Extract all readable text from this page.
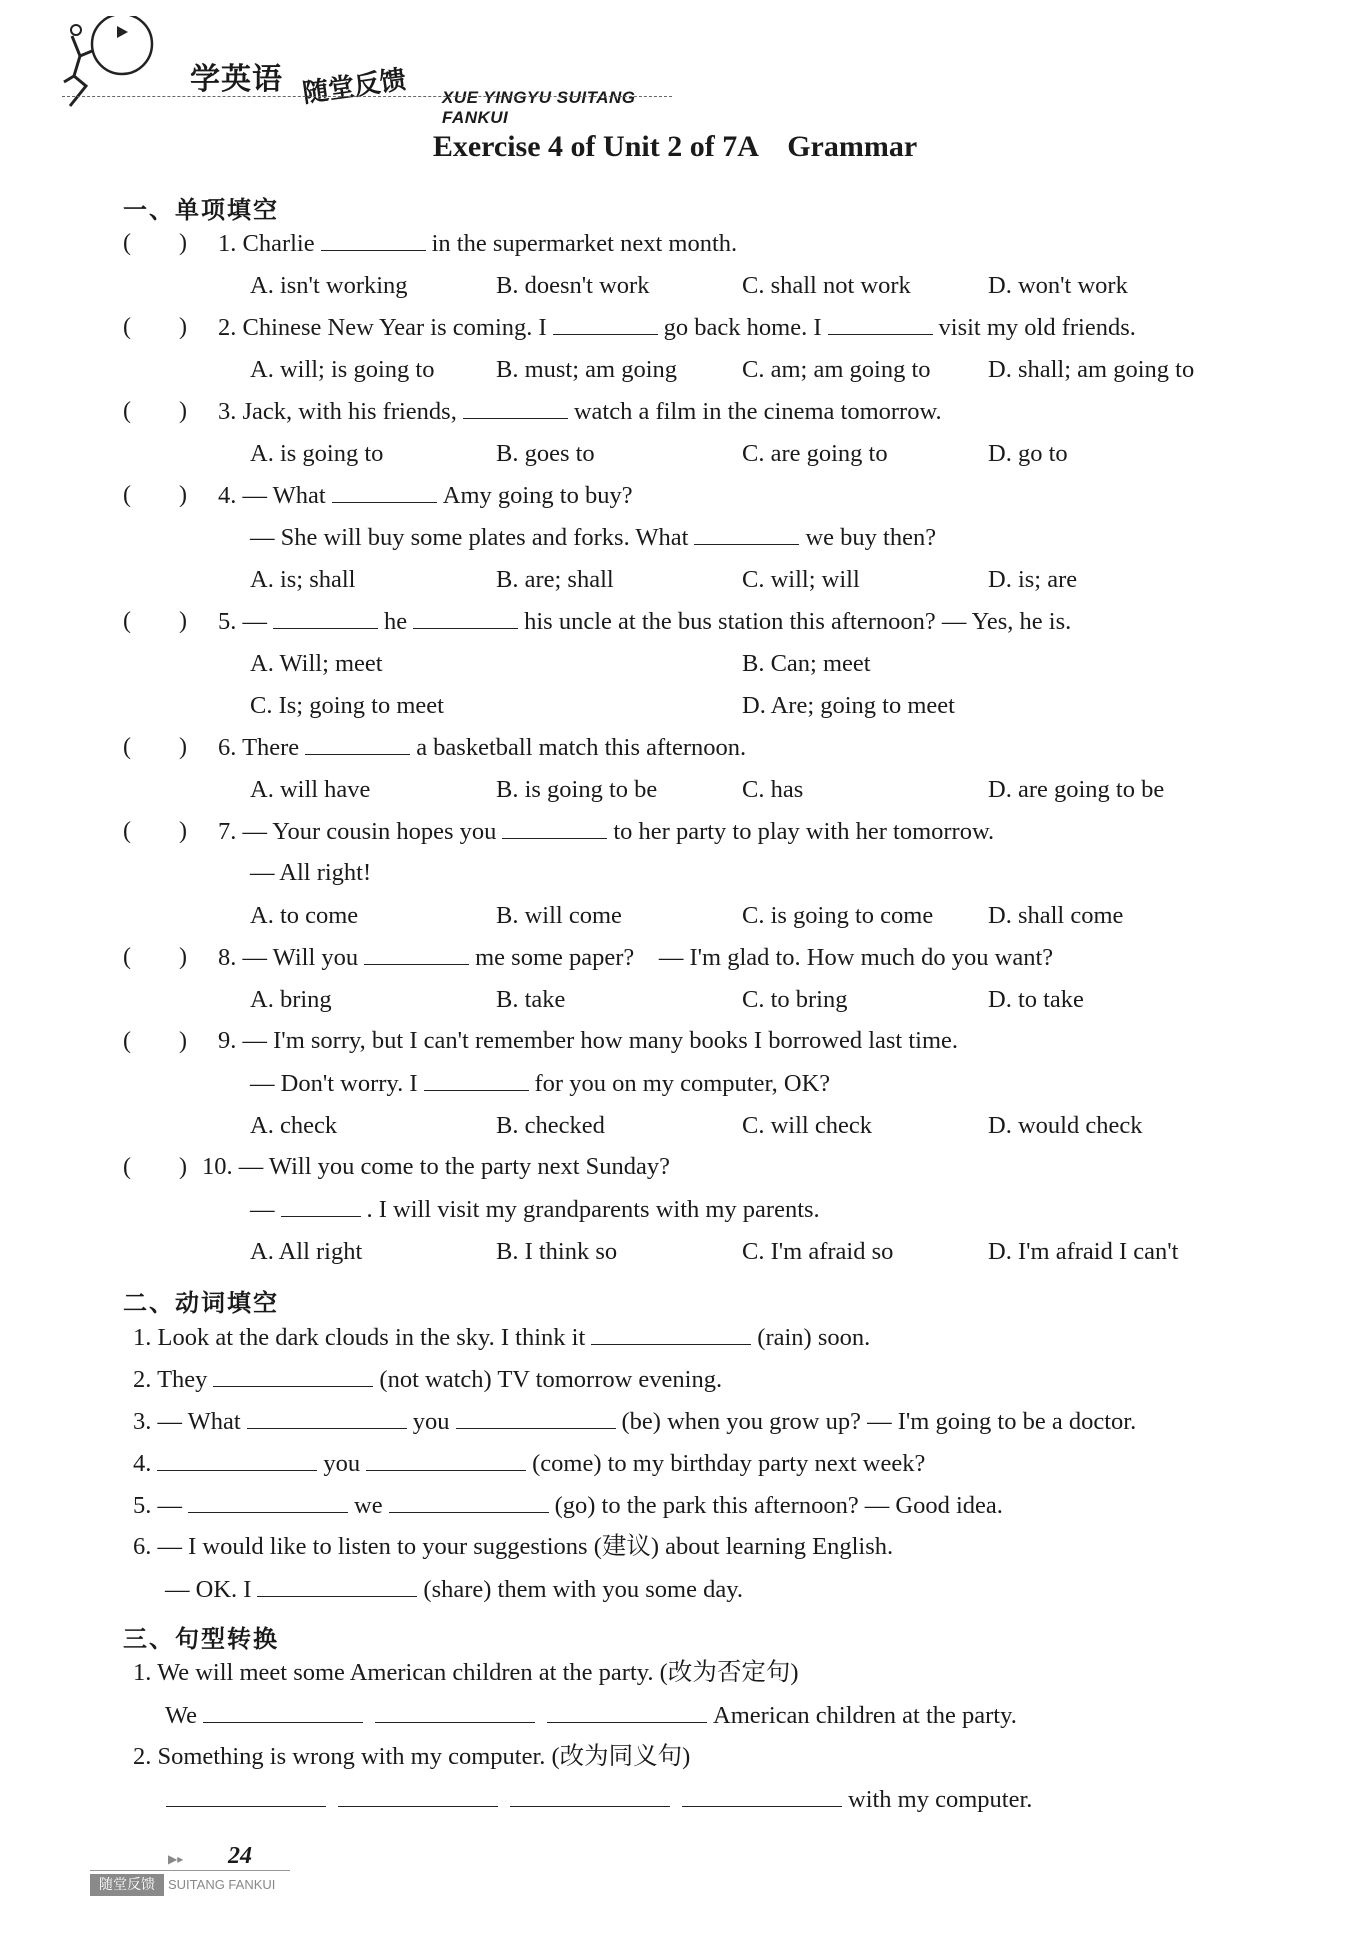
学英语 随堂反馈 XUE YINGYU SUITANG FANKUI
Exercise 4 of Unit 2 of 7A    Grammar
一、单项填空
(        ) 1. Charlie	in the supermarket next month.
A. isn't working	B. doesn't work	C. shall not work	D. won't work
(        ) 2. Chinese New Year is coming. I	go back home. I	visit my old friends.
A. will; is going to	B. must; am going	C. am; am going to D. shall; am going to
(        ) 3. Jack, with his friends,	watch a film in the cinema tomorrow.
A. is going to	B. goes to	C. are going to	D. go to
(        ) 4. — What	Amy going to buy?
— She will buy some plates and forks. What	we buy then?
A. is; shall	B. are; shall	C. will; will	D. is; are
(        ) 5. —	he	his uncle at the bus station this afternoon? — Yes, he is.
A. Will; meet	B. Can; meet
C. Is; going to meet	D. Are; going to meet
(        ) 6. There	a basketball match this afternoon.
A. will have	B. is going to be	C. has	D. are going to be
(        ) 7. — Your cousin hopes you	to her party to play with her tomorrow.
— All right!
A. to come	B. will come	C. is going to come D. shall come
(        ) 8. — Will you	me some paper? — I'm glad to. How much do you want?
A. bring	B. take	C. to bring	D. to take
(        ) 9. — I'm sorry, but I can't remember how many books I borrowed last time.
— Don't worry. I	for you on my computer, OK?
A. check	B. checked	C. will check	D. would check
(        ) 10. — Will you come to the party next Sunday?
—	. I will visit my grandparents with my parents.
A. All right	B. I think so	C. I'm afraid so	D. I'm afraid I can't
二、动词填空
1. Look at the dark clouds in the sky. I think it	(rain) soon.
2. They	(not watch) TV tomorrow evening.
3. — What	you	(be) when you grow up? — I'm going to be a doctor.
4.	you	(come) to my birthday party next week?
5. —	we	(go) to the park this afternoon? — Good idea.
6. — I would like to listen to your suggestions (建议) about learning English.
— OK. I	(share) them with you some day.
三、句型转换
1. We will meet some American children at the party. (改为否定句)
We	American children at the party.
2. Something is wrong with my computer. (改为同义句)
with my computer.
▶▸ 24
随堂反馈	SUITANG FANKUI
